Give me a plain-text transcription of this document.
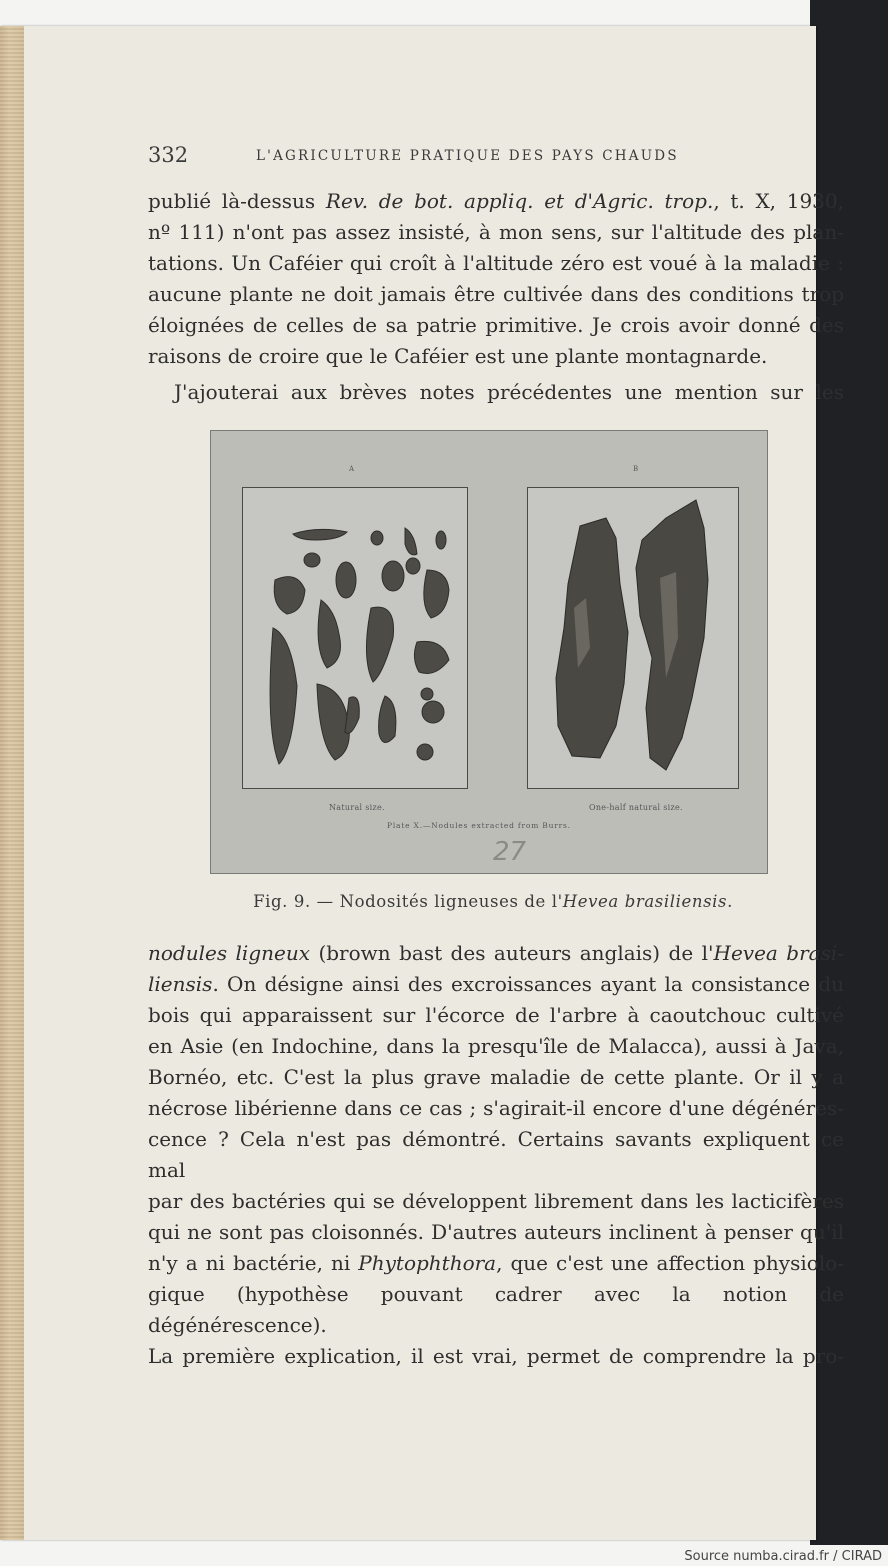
332	L'AGRICULTURE PRATIQUE DES PAYS CHAUDS

publié là-dessus Rev. de bot. appliq. et d'Agric. trop., t. X, 1930,

nº 111) n'ont pas assez insisté, à mon sens, sur l'altitude des plan-

tations. Un Caféier qui croît à l'altitude zéro est voué à la maladie :

aucune plante ne doit jamais être cultivée dans des conditions trop

éloignées de celles de sa patrie primitive. Je crois avoir donné des

raisons de croire que le Caféier est une plante montagnarde.

J'ajouterai aux brèves notes précédentes une mention sur les

A	B
Natural size.	One-half natural size.
Plate X.—Nodules extracted from Burrs.
27
Fig. 9. — Nodosités ligneuses de l'Hevea brasiliensis.

nodules ligneux (brown bast des auteurs anglais) de l'Hevea brasi-

liensis. On désigne ainsi des excroissances ayant la consistance du

bois qui apparaissent sur l'écorce de l'arbre à caoutchouc cultivé

en Asie (en Indochine, dans la presqu'île de Malacca), aussi à Java,

Bornéo, etc. C'est la plus grave maladie de cette plante. Or il y a

nécrose libérienne dans ce cas ; s'agirait-il encore d'une dégénéres-

cence ? Cela n'est pas démontré. Certains savants expliquent ce mal

par des bactéries qui se développent librement dans les lacticifères

qui ne sont pas cloisonnés. D'autres auteurs inclinent à penser qu'il

n'y a ni bactérie, ni Phytophthora, que c'est une affection physiolo-

gique (hypothèse pouvant cadrer avec la notion de dégénérescence).

La première explication, il est vrai, permet de comprendre la pro-

Source numba.cirad.fr / CIRAD
